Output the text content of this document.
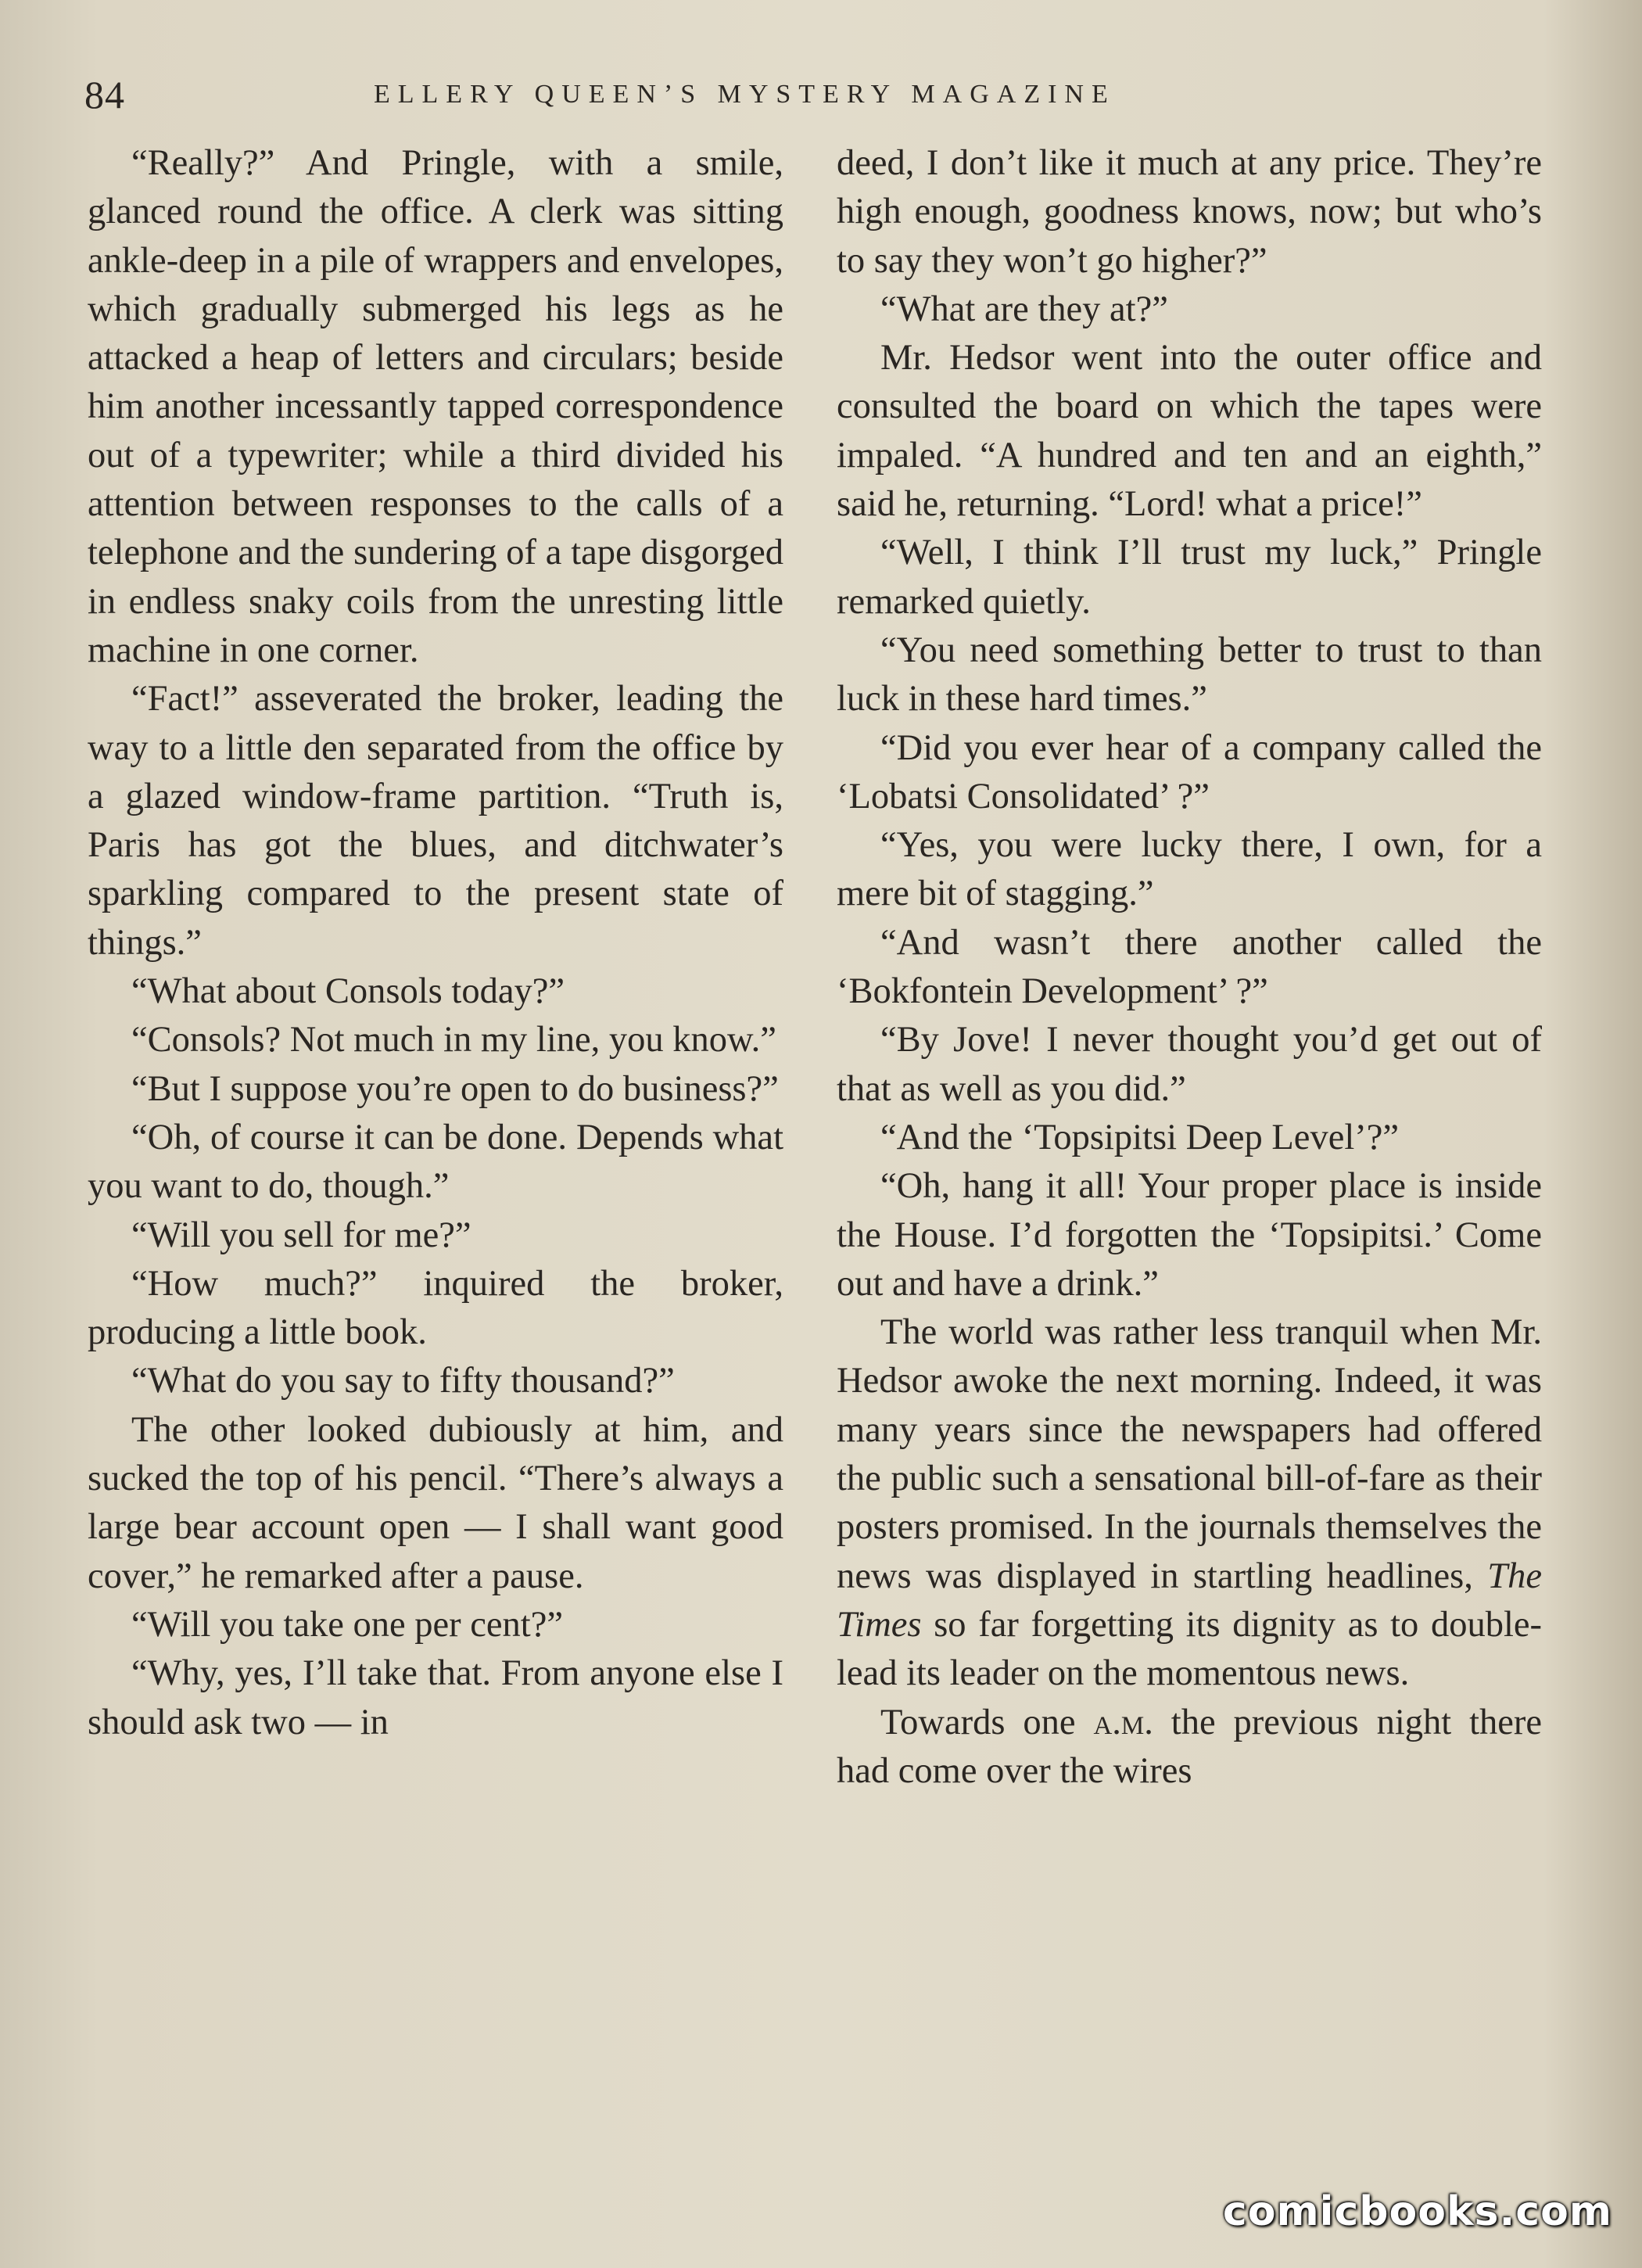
84	ELLERY QUEEN’S MYSTERY MAGAZINE

“Really?” And Pringle, with a smile, glanced round the office. A clerk was sitting ankle-deep in a pile of wrappers and envelopes, which gradually submerged his legs as he attacked a heap of letters and circulars; beside him another incessantly tapped correspondence out of a typewriter; while a third divided his attention between responses to the calls of a telephone and the sundering of a tape disgorged in endless snaky coils from the unresting little machine in one corner.

“Fact!” asseverated the broker, leading the way to a little den separated from the office by a glazed window-frame partition. “Truth is, Paris has got the blues, and ditchwater’s sparkling compared to the present state of things.”

“What about Consols today?”

“Consols? Not much in my line, you know.”

“But I suppose you’re open to do business?”

“Oh, of course it can be done. Depends what you want to do, though.”

“Will you sell for me?”

“How much?” inquired the broker, producing a little book.

“What do you say to fifty thousand?”

The other looked dubiously at him, and sucked the top of his pencil. “There’s always a large bear account open — I shall want good cover,” he remarked after a pause.

“Will you take one per cent?”

“Why, yes, I’ll take that. From anyone else I should ask two — in

deed, I don’t like it much at any price. They’re high enough, goodness knows, now; but who’s to say they won’t go higher?”

“What are they at?”

Mr. Hedsor went into the outer office and consulted the board on which the tapes were impaled. “A hundred and ten and an eighth,” said he, returning. “Lord! what a price!”

“Well, I think I’ll trust my luck,” Pringle remarked quietly.

“You need something better to trust to than luck in these hard times.”

“Did you ever hear of a company called the ‘Lobatsi Consolidated’ ?”

“Yes, you were lucky there, I own, for a mere bit of stagging.”

“And wasn’t there another called the ‘Bokfontein Development’ ?”

“By Jove! I never thought you’d get out of that as well as you did.”

“And the ‘Topsipitsi Deep Level’?”

“Oh, hang it all! Your proper place is inside the House. I’d forgotten the ‘Topsipitsi.’ Come out and have a drink.”

The world was rather less tranquil when Mr. Hedsor awoke the next morning. Indeed, it was many years since the newspapers had offered the public such a sensational bill-of-fare as their posters promised. In the journals themselves the news was displayed in startling headlines, The Times so far forgetting its dignity as to double-lead its leader on the momentous news.

Towards one a.m. the previous night there had come over the wires

comicbooks.com
